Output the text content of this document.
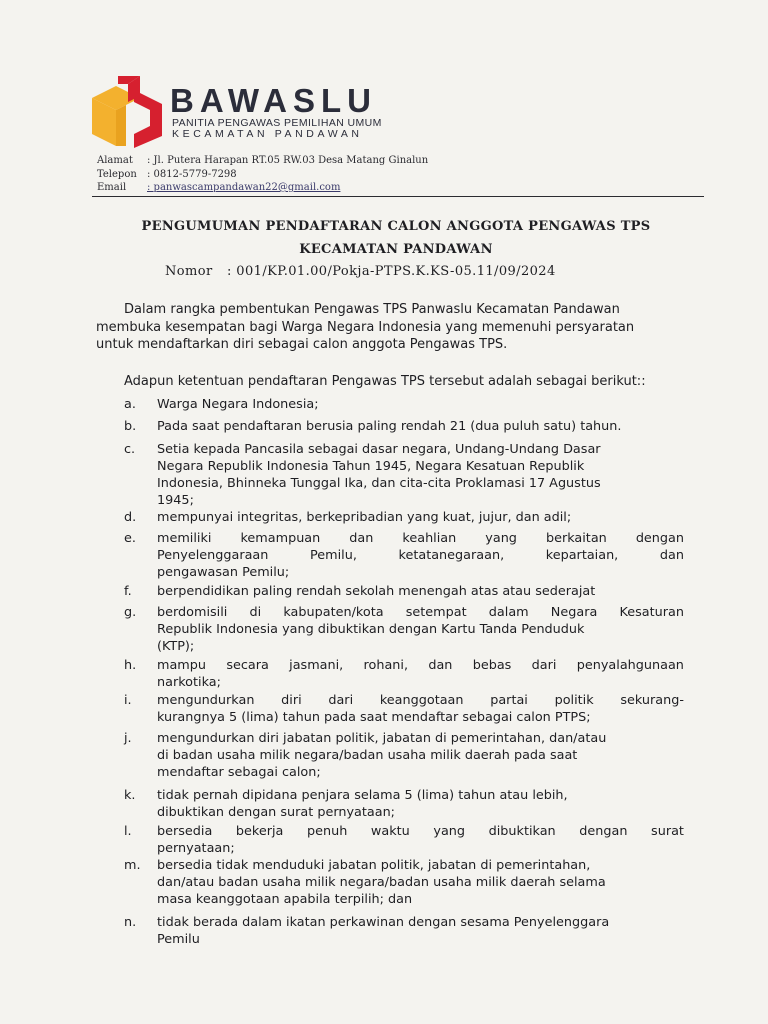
BAWASLU
PANITIA PENGAWAS PEMILIHAN UMUM
KECAMATAN PANDAWAN
Alamat	: Jl. Putera Harapan RT.05 RW.03 Desa Matang Ginalun
Telepon	: 0812-5779-7298
Email	: panwascampandawan22@gmail.com
PENGUMUMAN PENDAFTARAN CALON ANGGOTA PENGAWAS TPS
KECAMATAN PANDAWAN
Nomor : 001/KP.01.00/Pokja-PTPS.K.KS-05.11/09/2024
Dalam rangka pembentukan Pengawas TPS Panwaslu Kecamatan Pandawan
membuka kesempatan bagi Warga Negara Indonesia yang memenuhi persyaratan
untuk mendaftarkan diri sebagai calon anggota Pengawas TPS.
Adapun ketentuan pendaftaran Pengawas TPS tersebut adalah sebagai berikut::
a.	Warga Negara Indonesia;
b.	Pada saat pendaftaran berusia paling rendah 21 (dua puluh satu) tahun.
c.	Setia kepada Pancasila sebagai dasar negara, Undang-Undang Dasar
Negara Republik Indonesia Tahun 1945, Negara Kesatuan Republik
Indonesia, Bhinneka Tunggal Ika, dan cita-cita Proklamasi 17 Agustus
1945;
d.	mempunyai integritas, berkepribadian yang kuat, jujur, dan adil;
e.	memiliki kemampuan dan keahlian yang berkaitan dengan
Penyelenggaraan	Pemilu,	ketatanegaraan,	kepartaian,	dan
pengawasan Pemilu;
f.	berpendidikan paling rendah sekolah menengah atas atau sederajat
g.	berdomisili di kabupaten/kota setempat dalam Negara Kesaturan
Republik Indonesia yang dibuktikan dengan Kartu Tanda Penduduk
(KTP);
h.	mampu secara jasmani, rohani, dan bebas dari penyalahgunaan
narkotika;
i.	mengundurkan diri dari keanggotaan partai politik sekurang-
kurangnya 5 (lima) tahun pada saat mendaftar sebagai calon PTPS;
j.	mengundurkan diri jabatan politik, jabatan di pemerintahan, dan/atau
di badan usaha milik negara/badan usaha milik daerah pada saat
mendaftar sebagai calon;
k.	tidak pernah dipidana penjara selama 5 (lima) tahun atau lebih,
dibuktikan dengan surat pernyataan;
l.	bersedia bekerja penuh waktu yang dibuktikan dengan surat
pernyataan;
m.	bersedia tidak menduduki jabatan politik, jabatan di pemerintahan,
dan/atau badan usaha milik negara/badan usaha milik daerah selama
masa keanggotaan apabila terpilih; dan
n.	tidak berada dalam ikatan perkawinan dengan sesama Penyelenggara
Pemilu
